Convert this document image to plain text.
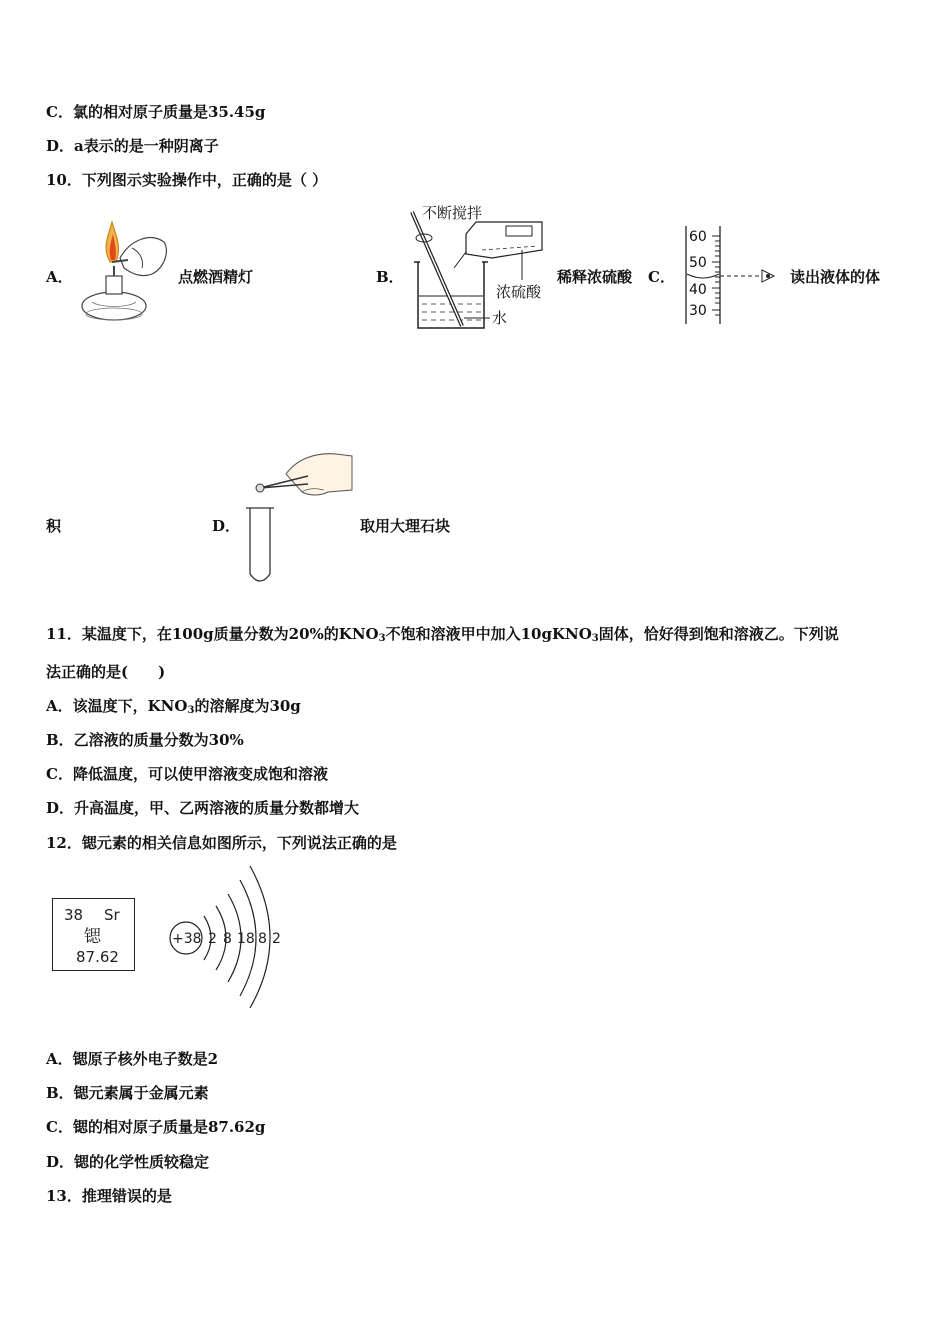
C．氯的相对原子质量是35.45g
D．a表示的是一种阴离子
10．下列图示实验操作中，正确的是（ ）
A．	点燃酒精灯	B．
不断搅拌
浓硫酸
水
稀释浓硫酸 C．
60
50
40
30
读出液体的体
积	D．	取用大理石块
11．某温度下，在100g质量分数为20%的$KNO_3$不饱和溶液甲中加入10gKNO$_3$固体，恰好得到饱和溶液乙。下列说
法正确的是(　　)
A．该温度下，$KNO_3$的溶解度为30g
B．乙溶液的质量分数为30%
C．降低温度，可以使甲溶液变成饱和溶液
D．升高温度，甲、乙两溶液的质量分数都增大
12．锶元素的相关信息如图所示，下列说法正确的是
38 Sr
锶
87.62
+38 2 8 18 8 2
A．锶原子核外电子数是2
B．锶元素属于金属元素
C．锶的相对原子质量是87.62g
D．锶的化学性质较稳定
13．推理错误的是
